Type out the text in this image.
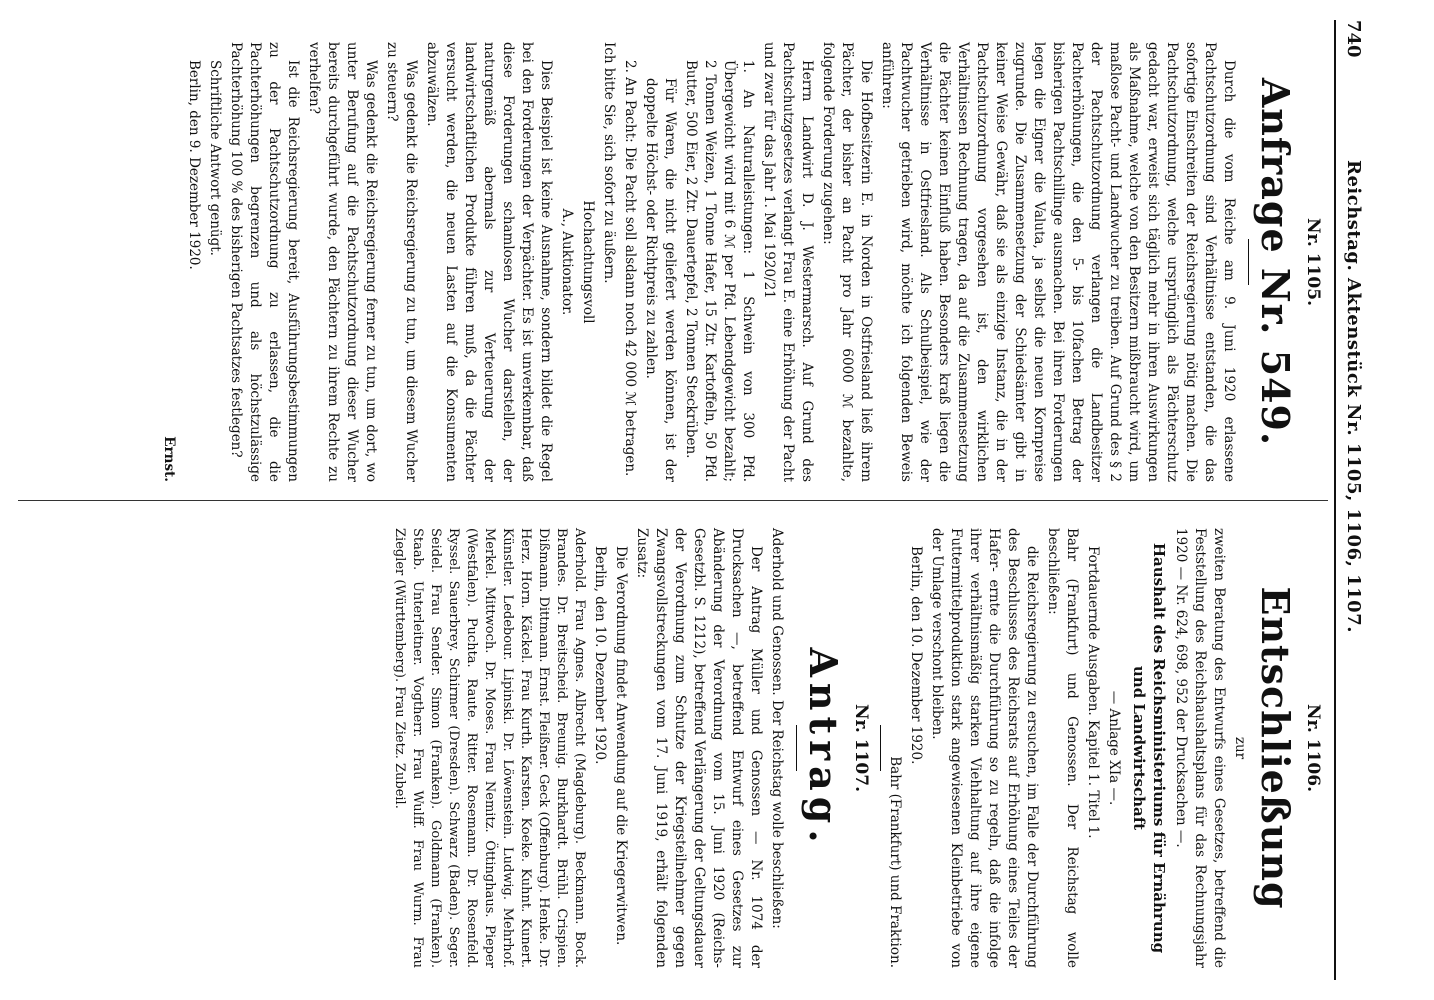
740
Reichstag. Aktenstück Nr. 1105, 1106, 1107.
Nr. 1105.
Anfrage Nr. 549.

Durch die vom Reiche am 9. Juni 1920 erlassene Pachtschutzordnung sind Verhältnisse entstanden, die das sofortige Einschreiten der Reichsregierung nötig machen. Die Pachtschutzordnung, welche ursprünglich als Pächterschutz gedacht war, erweist sich täglich mehr in ihren Auswirkungen als Maßnahme, welche von den Besitzern mißbraucht wird, um maßlose Pacht- und Landwucher zu treiben. Auf Grund des § 2 der Pachtschutzordnung verlangen die Landbesitzer Pachterhöhungen, die den 5- bis 10fachen Betrag der bisherigen Pachtschillinge ausmachen. Bei ihren Forderungen legen die Eigner die Valuta, ja selbst die neuen Kornpreise zugrunde. Die Zusammensetzung der Schiedsämter gibt in keiner Weise Gewähr, daß sie als einzige Instanz, die in der Pachtschutzordnung vorgesehen ist, den wirklichen Verhältnissen Rechnung tragen, da auf die Zusammensetzung die Pächter keinen Einfluß haben. Besonders kraß liegen die Verhältnisse in Ostfriesland. Als Schulbeispiel, wie der Pachtwucher getrieben wird, möchte ich folgenden Beweis anführen:

Die Hofbesitzerin E. in Norden in Ostfriesland ließ ihrem Pächter, der bisher an Pacht pro Jahr 6000 ℳ bezahlte, folgende Forderung zugehen:

Herrn Landwirt D. J. Westermarsch. Auf Grund des Pachtschutzgesetzes verlangt Frau E. eine Erhöhung der Pacht und zwar für das Jahr 1. Mai 1920/21

1. An Naturalleistungen: 1 Schwein von 300 Pfd. Übergewicht wird mit 6 ℳ per Pfd. Lebendgewicht bezahlt; 2 Tonnen Weizen, 1 Tonne Hafer, 15 Ztr. Kartoffeln, 50 Pfd. Butter, 500 Eier, 2 Ztr. Dauertepfel, 2 Tonnen Steckrüben.

Für Waren, die nicht geliefert werden können, ist der doppelte Höchst- oder Richtpreis zu zahlen.

2. An Pacht: Die Pacht soll alsdann noch 42 000 ℳ betragen.

Ich bitte Sie, sich sofort zu äußern.

Hochachtungsvoll

A., Auktionator.

Dies Beispiel ist keine Ausnahme, sondern bildet die Regel bei den Forderungen der Verpächter. Es ist unverkennbar, daß diese Forderungen schamlosen Wucher darstellen, der naturgemäß abermals zur Verteuerung der landwirtschaftlichen Produkte führen muß, da die Pächter versucht werden, die neuen Lasten auf die Konsumenten abzuwälzen.

Was gedenkt die Reichsregierung zu tun, um diesem Wucher zu steuern?

Was gedenkt die Reichsregierung ferner zu tun, um dort, wo unter Berufung auf die Pachtschutzordnung dieser Wucher bereits durchgeführt wurde, den Pächtern zu ihrem Rechte zu verhelfen?

Ist die Reichsregierung bereit, Ausführungsbestimmungen zu der Pachtschutzordnung zu erlassen, die die Pachterhöhungen begrenzen und als höchstzulässige Pachterhöhung 100 % des bisherigen Pachtsatzes festlegen?

Schriftliche Antwort genügt.

Berlin, den 9. Dezember 1920.

Ernst.

Nr. 1106.
Entschließung

zur

zweiten Beratung des Entwurfs eines Gesetzes, betreffend die Feststellung des Reichshaushaltsplans für das Rechnungsjahr 1920 — Nr. 624, 698, 952 der Drucksachen —.

Haushalt des Reichsministeriums für Ernährung und Landwirtschaft

— Anlage XIa —.

Fortdauernde Ausgaben. Kapitel 1. Titel 1.

Bahr (Frankfurt) und Genossen. Der Reichstag wolle beschließen:

die Reichsregierung zu ersuchen, im Falle der Durchführung des Beschlusses des Reichsrats auf Erhöhung eines Teiles der Hafer- ernte die Durchführung so zu regeln, daß die infolge ihrer verhältnismäßig starken Viehhaltung auf ihre eigene Futtermittelproduktion stark angewiesenen Kleinbetriebe von der Umlage verschont bleiben.

Berlin, den 10. Dezember 1920.

Bahr (Frankfurt) und Fraktion.

Nr. 1107.
Antrag.

Aderhold und Genossen. Der Reichstag wolle beschließen:

Der Antrag Müller und Genossen — Nr. 1074 der Drucksachen —, betreffend Entwurf eines Gesetzes zur Abänderung der Verordnung vom 15. Juni 1920 (Reichs-Gesetzbl. S. 1212), betreffend Verlängerung der Geltungsdauer der Verordnung zum Schutze der Kriegsteilnehmer gegen Zwangsvollstreckungen vom 17. Juni 1919, erhält folgenden Zusatz:

Die Verordnung findet Anwendung auf die Kriegerwitwen.

Berlin, den 10. Dezember 1920.

Aderhold. Frau Agnes. Albrecht (Magdeburg). Beckmann. Bock. Brandes. Dr. Breitscheid. Breunig. Burkhardt. Brühl. Crispien. Dißmann. Dittmann. Ernst. Fleißner. Geck (Offenburg). Henke. Dr. Herz. Horn. Käckel. Frau Kurth. Karsten. Koeke. Kuhnt. Kunert. Künstler. Ledebour. Lipinski. Dr. Löwenstein. Ludwig. Mehrhof. Merkel. Mittwoch. Dr. Moses. Frau Nemitz. Öttinghaus. Pieper (Westfalen). Puchta. Raute. Ritter. Rosemann. Dr. Rosenfeld. Ryssel. Sauerbrey. Schirmer (Dresden). Schwarz (Baden). Seger. Seidel. Frau Sender. Simon (Franken). Goldmann (Franken). Staab. Unterleitner. Vogtherr. Frau Wulff. Frau Wurm. Frau Ziegler (Württemberg). Frau Zietz. Zubeil.
